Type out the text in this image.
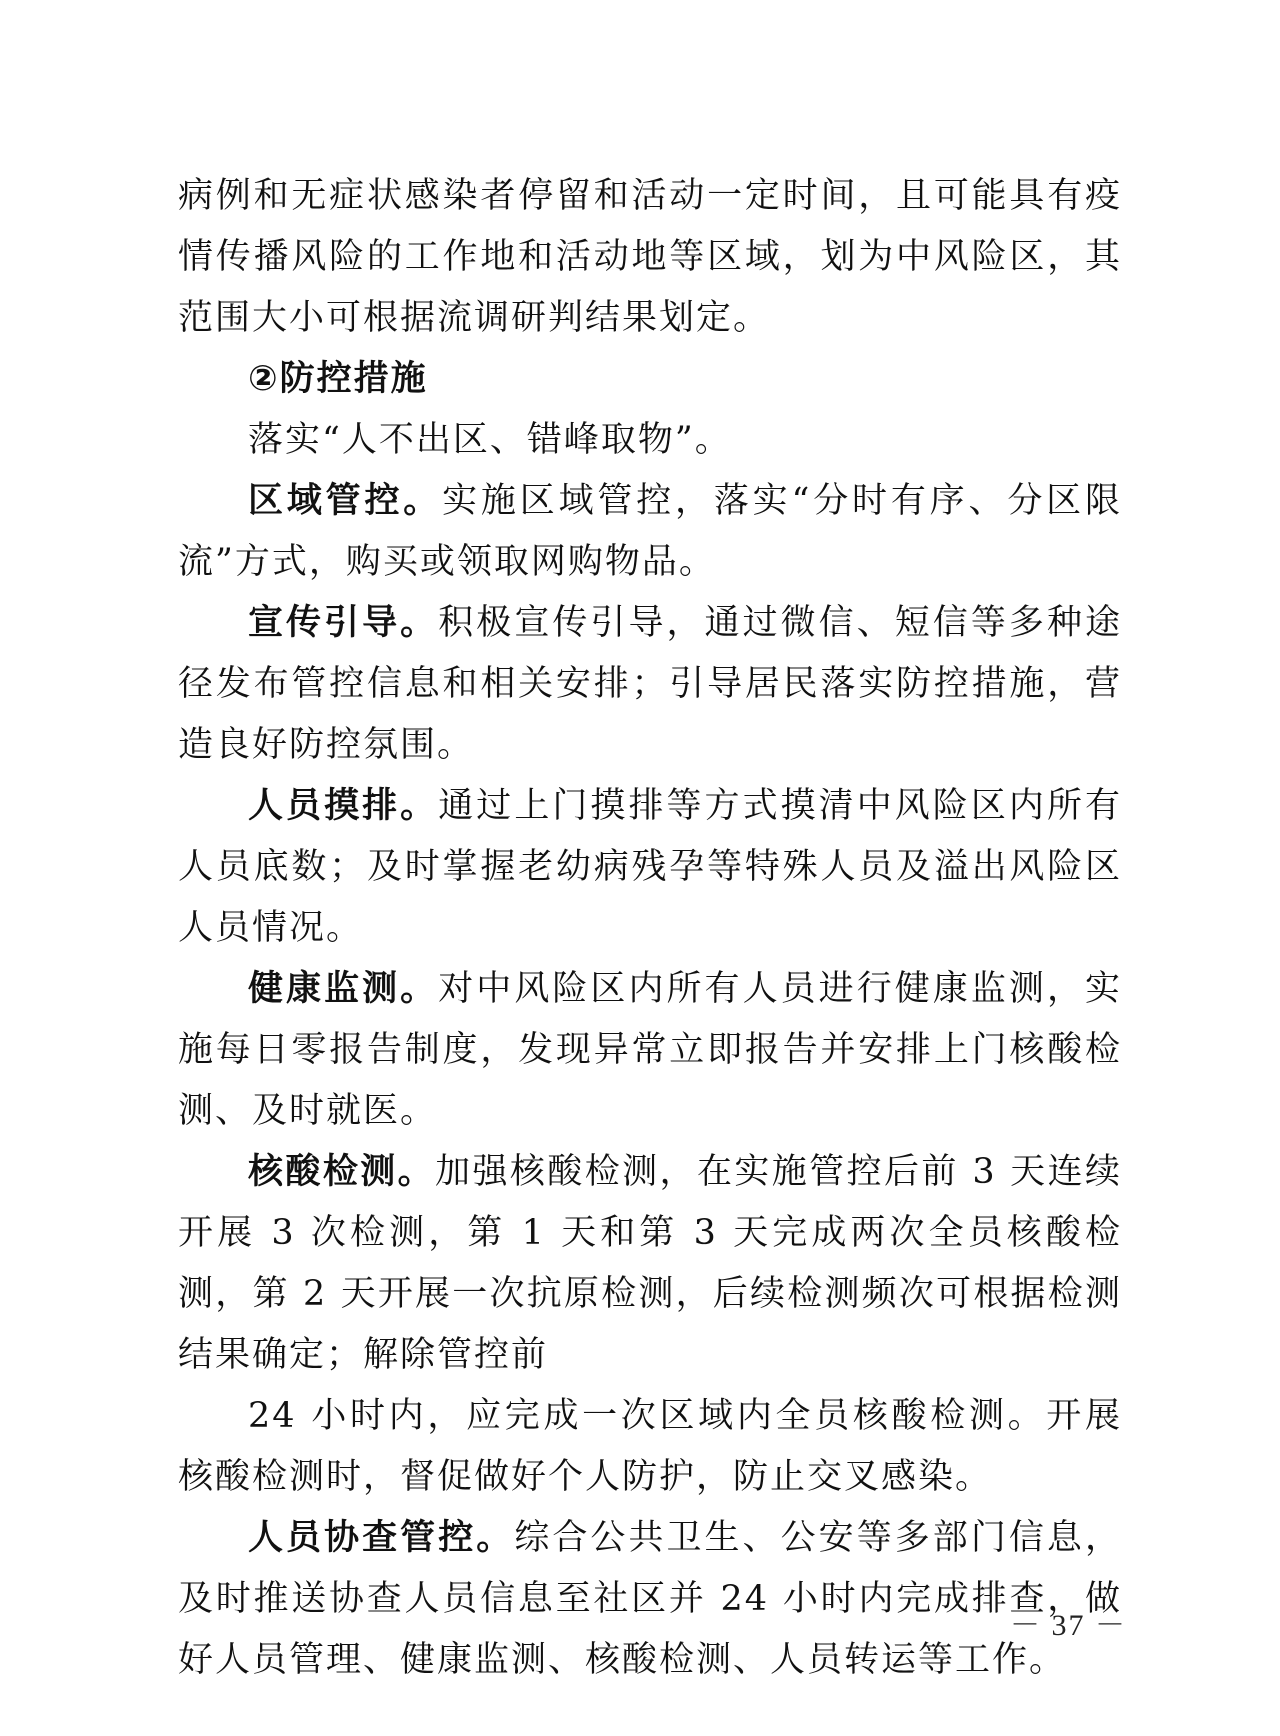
病例和无症状感染者停留和活动一定时间，且可能具有疫情传播风险的工作地和活动地等区域，划为中风险区，其范围大小可根据流调研判结果划定。

②防控措施

落实“人不出区、错峰取物”。

区域管控。实施区域管控，落实“分时有序、分区限流”方式，购买或领取网购物品。

宣传引导。积极宣传引导，通过微信、短信等多种途径发布管控信息和相关安排；引导居民落实防控措施，营造良好防控氛围。

人员摸排。通过上门摸排等方式摸清中风险区内所有人员底数；及时掌握老幼病残孕等特殊人员及溢出风险区人员情况。

健康监测。对中风险区内所有人员进行健康监测，实施每日零报告制度，发现异常立即报告并安排上门核酸检测、及时就医。

核酸检测。加强核酸检测，在实施管控后前 3 天连续开展 3 次检测，第 1 天和第 3 天完成两次全员核酸检测，第 2 天开展一次抗原检测，后续检测频次可根据检测结果确定；解除管控前

24 小时内，应完成一次区域内全员核酸检测。开展核酸检测时，督促做好个人防护，防止交叉感染。

人员协查管控。综合公共卫生、公安等多部门信息，及时推送协查人员信息至社区并 24 小时内完成排查，做好人员管理、健康监测、核酸检测、人员转运等工作。

－ 37 －
